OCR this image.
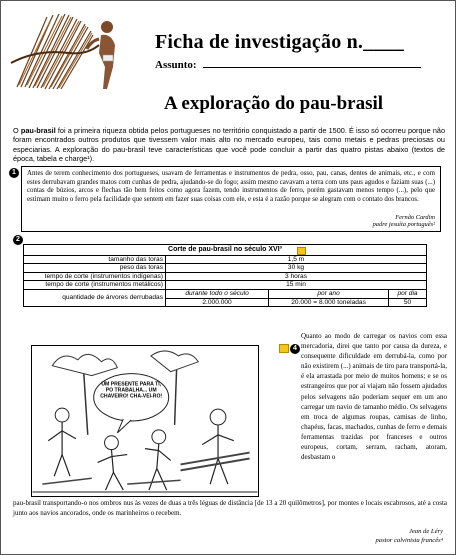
Ficha de investigação n.____
Assunto:
A exploração do pau-brasil
O pau-brasil foi a primeira riqueza obtida pelos portugueses no território conquistado a partir de 1500. É isso só ocorreu porque não foram encontrados outros produtos que tivessem valor mais alto no mercado europeu, tais como metais e pedras preciosas ou especiarias. A exploração do pau-brasil teve características que você pode concluir a partir das quatro pistas abaixo (textos de época, tabela e charge¹).
1	Antes de terem conhecimento dos portugueses, usavam de ferramentas e instrumentos de pedra, osso, pau, canas, dentes de animais, etc., e com estes derrubavam grandes matos com cunhas de pedra, ajudando-se do fogo; assim mesmo cavavam a terra com uns paus agudos e faziam suas (...) contas de búzios, arcos e flechas tão bem feitos como agora fazem, tendo instrumentos de ferro, porém gastavam menos tempo (...), pelo que estimam muito o ferro pela facilidade que sentem em fazer suas coisas com ele, e esta é a razão porque se alegram com o contato dos brancos.
Fernão Cardim
padre jesuíta português²
2
Corte de pau-brasil no século XVI³			
tamanho das toras	1,5 m		
peso das toras	30 kg		
tempo de corte (instrumentos indígenas)	3 horas		
tempo de corte (instrumentos metálicos)	15 min		
quantidade de árvores derrubadas	durante todo o século	por ano	por dia
	2.000.000	20.000 = 8.000 toneladas	50
UM PRESENTE PARA TI, PO TRABALHA... UM CHAVEIRO! CHA-VEI-RO!
4
Quanto ao modo de carregar os navios com essa mercadoria, direi que tanto por causa da dureza, e consequente dificuldade em derrubá-la, como por não existirem (...) animais de tiro para transportá-la, é ela arrastada por meio de muitos homens; e se os estrangeiros que por aí viajam não fossem ajudados pelos selvagens não poderiam sequer em um ano carregar um navio de tamanho médio. Os selvagens em troca de algumas roupas, camisas de linho, chapéus, facas, machados, cunhas de ferro e demais ferramentas trazidas por franceses e outros europeus, cortam, serram, racham, atoram, desbastam o
pau-brasil transportando-o nos ombros nus às vezes de duas a três léguas de distância [de 13 a 20 quilômetros], por montes e locais escabrosos, até a costa junto aos navios ancorados, onde os marinheiros o recebem.
Jean de Léry
pastor calvinista francês⁴
